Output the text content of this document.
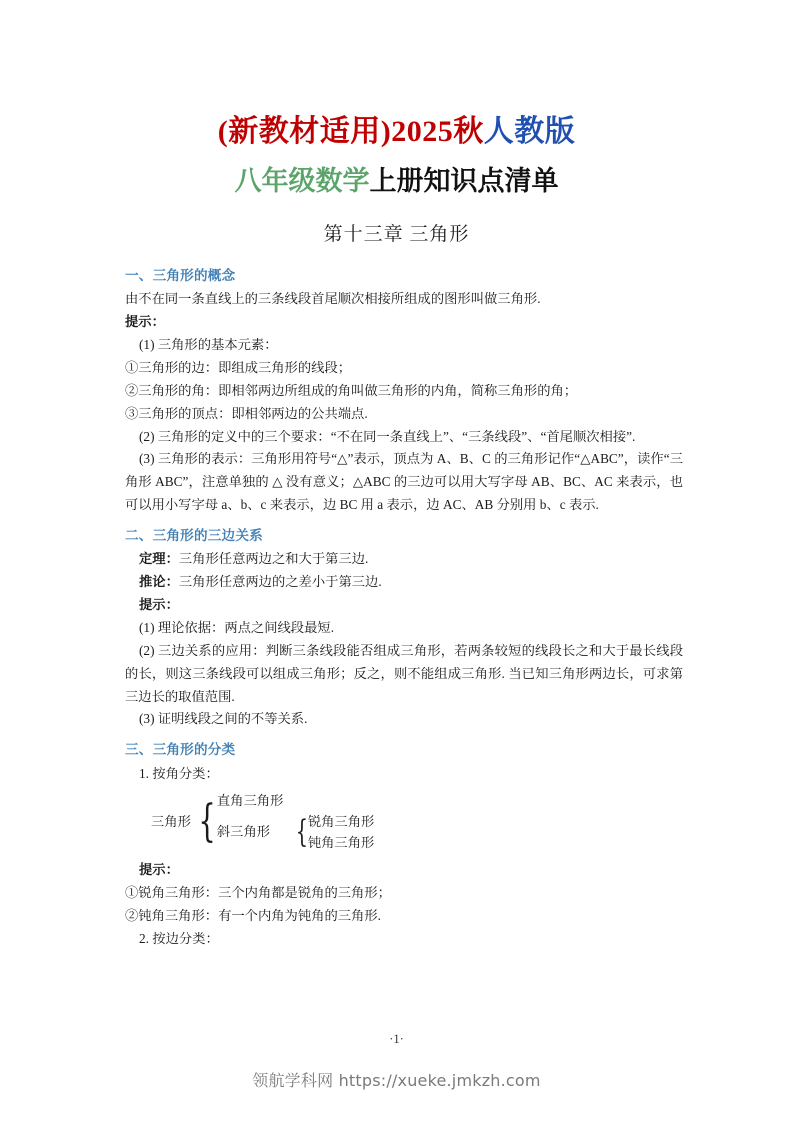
(新教材适用)2025秋人教版
八年级数学上册知识点清单
第十三章 三角形
一、三角形的概念

由不在同一条直线上的三条线段首尾顺次相接所组成的图形叫做三角形.

提示：

(1) 三角形的基本元素：

①三角形的边：即组成三角形的线段；

②三角形的角：即相邻两边所组成的角叫做三角形的内角，简称三角形的角；

③三角形的顶点：即相邻两边的公共端点.

(2) 三角形的定义中的三个要求：“不在同一条直线上”、“三条线段”、“首尾顺次相接”.

(3) 三角形的表示：三角形用符号“△”表示，顶点为 A、B、C 的三角形记作“△ABC”，读作“三角形 ABC”，注意单独的 △ 没有意义；△ABC 的三边可以用大写字母 AB、BC、AC 来表示，也可以用小写字母 a、b、c 来表示，边 BC 用 a 表示，边 AC、AB 分别用 b、c 表示.

二、三角形的三边关系

定理：三角形任意两边之和大于第三边.

推论：三角形任意两边的之差小于第三边.

提示：

(1) 理论依据：两点之间线段最短.

(2) 三边关系的应用：判断三条线段能否组成三角形，若两条较短的线段长之和大于最长线段的长，则这三条线段可以组成三角形；反之，则不能组成三角形. 当已知三角形两边长，可求第三边长的取值范围.

(3) 证明线段之间的不等关系.

三、三角形的分类

1. 按角分类：

三角形 { 直角三角形
斜三角形 { 锐角三角形
钝角三角形

提示：

①锐角三角形：三个内角都是锐角的三角形；

②钝角三角形：有一个内角为钝角的三角形.

2. 按边分类：

·1·
领航学科网 https://xueke.jmkzh.com
